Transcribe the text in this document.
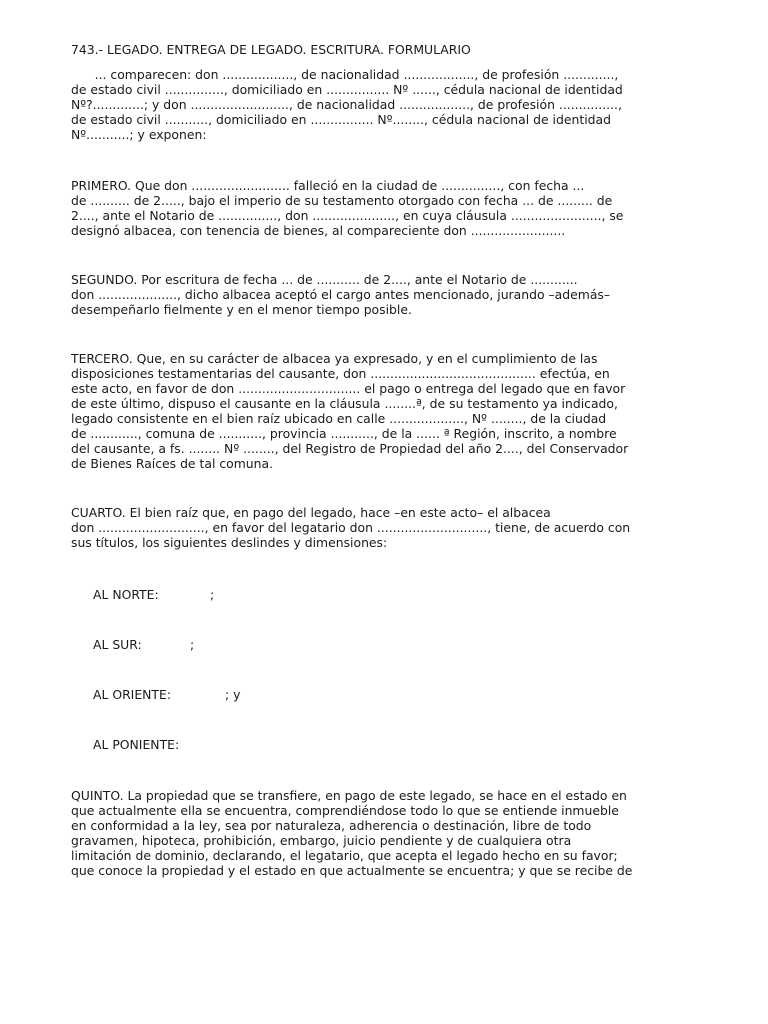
743.- LEGADO. ENTREGA DE LEGADO. ESCRITURA. FORMULARIO
... comparecen: don .................., de nacionalidad .................., de profesión .............,
de estado civil ..............., domiciliado en ................ Nº ......, cédula nacional de identidad
Nº?.............; y don ........................., de nacionalidad .................., de profesión ...............,
de estado civil ..........., domiciliado en ................ Nº........, cédula nacional de identidad
Nº...........; y exponen:
PRIMERO. Que don ......................... falleció en la ciudad de ..............., con fecha ...
de .......... de 2....., bajo el imperio de su testamento otorgado con fecha ... de ......... de
2...., ante el Notario de ..............., don ....................., en cuya cláusula ......................., se
designó albacea, con tenencia de bienes, al compareciente don ........................
SEGUNDO. Por escritura de fecha ... de ........... de 2...., ante el Notario de ............
don ...................., dicho albacea aceptó el cargo antes mencionado, jurando –además–
desempeñarlo fielmente y en el menor tiempo posible.
TERCERO. Que, en su carácter de albacea ya expresado, y en el cumplimiento de las
disposiciones testamentarias del causante, don .......................................... efectúa, en
este acto, en favor de don ............................... el pago o entrega del legado que en favor
de este último, dispuso el causante en la cláusula ........ª, de su testamento ya indicado,
legado consistente en el bien raíz ubicado en calle ..................., Nº ........, de la ciudad
de ............, comuna de ..........., provincia ..........., de la ...... ª Región, inscrito, a nombre
del causante, a fs. ........ Nº ........, del Registro de Propiedad del año 2...., del Conservador
de Bienes Raíces de tal comuna.
CUARTO. El bien raíz que, en pago del legado, hace –en este acto– el albacea
don ..........................., en favor del legatario don ............................, tiene, de acuerdo con
sus títulos, los siguientes deslindes y dimensiones:
AL NORTE:	;
AL SUR:	;
AL ORIENTE:	; y
AL PONIENTE:
QUINTO. La propiedad que se transfiere, en pago de este legado, se hace en el estado en
que actualmente ella se encuentra, comprendiéndose todo lo que se entiende inmueble
en conformidad a la ley, sea por naturaleza, adherencia o destinación, libre de todo
gravamen, hipoteca, prohibición, embargo, juicio pendiente y de cualquiera otra
limitación de dominio, declarando, el legatario, que acepta el legado hecho en su favor;
que conoce la propiedad y el estado en que actualmente se encuentra; y que se recibe de
